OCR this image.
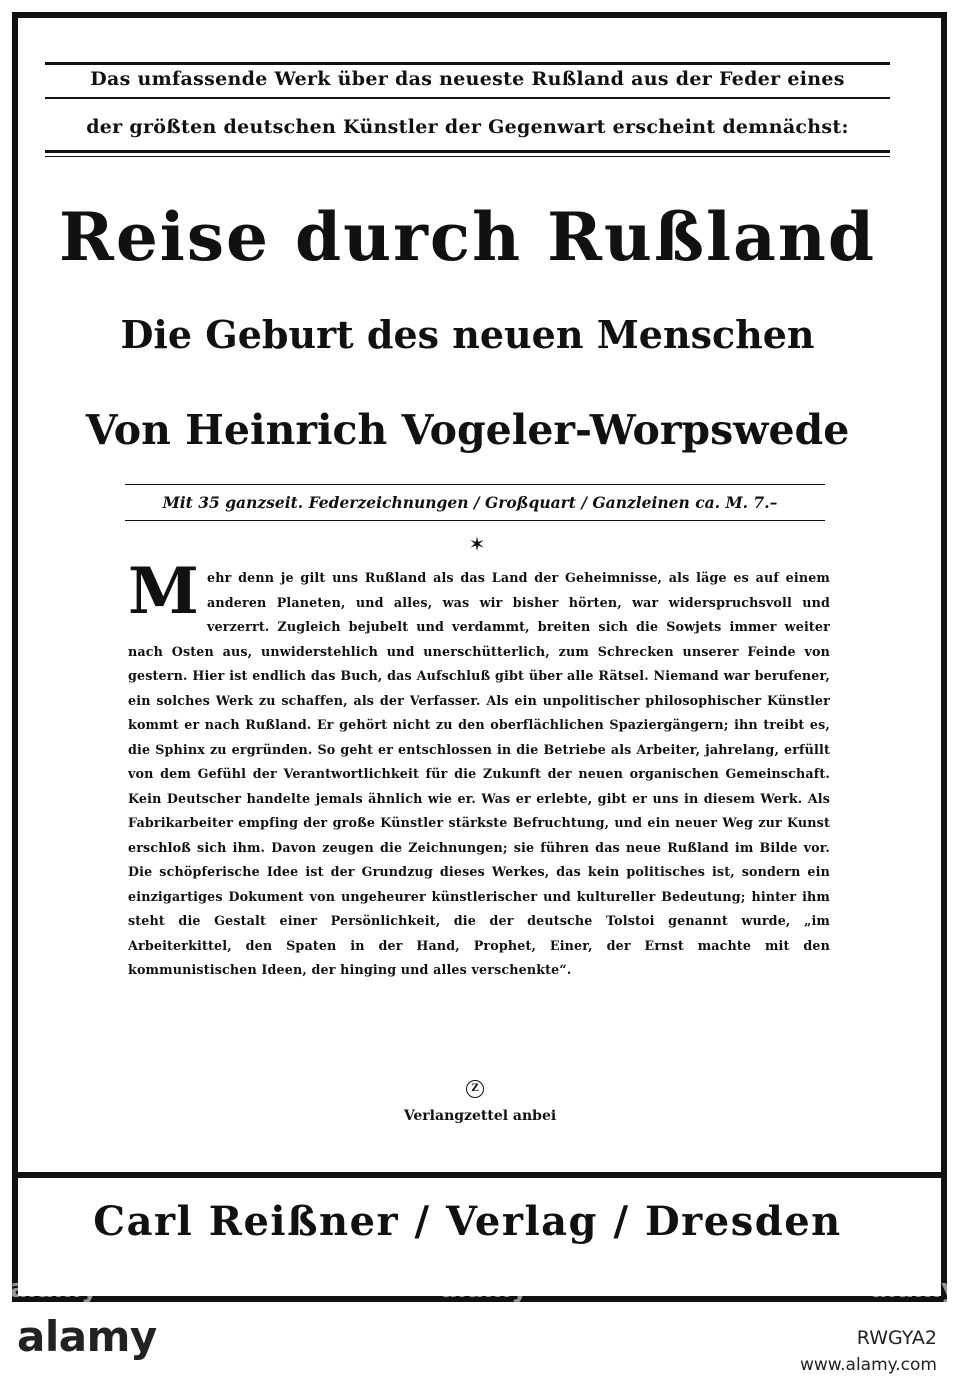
Das umfassende Werk über das neueste Rußland aus der Feder eines
der größten deutschen Künstler der Gegenwart erscheint demnächst:
Reise durch Rußland
Die Geburt des neuen Menschen
Von Heinrich Vogeler-Worpswede
Mit 35 ganzseit. Federzeichnungen / Großquart / Ganzleinen ca. M. 7.–
✶
Mehr denn je gilt uns Rußland als das Land der Geheimnisse, als läge es auf einem anderen Planeten, und alles, was wir bisher hörten, war widerspruchsvoll und verzerrt. Zugleich bejubelt und verdammt, breiten sich die Sowjets immer weiter nach Osten aus, unwiderstehlich und unerschütterlich, zum Schrecken unserer Feinde von gestern. Hier ist endlich das Buch, das Aufschluß gibt über alle Rätsel. Niemand war berufener, ein solches Werk zu schaffen, als der Verfasser. Als ein unpolitischer philosophischer Künstler kommt er nach Rußland. Er gehört nicht zu den oberflächlichen Spaziergängern; ihn treibt es, die Sphinx zu ergründen. So geht er entschlossen in die Betriebe als Arbeiter, jahrelang, erfüllt von dem Gefühl der Verantwortlichkeit für die Zukunft der neuen organischen Gemeinschaft. Kein Deutscher handelte jemals ähnlich wie er. Was er erlebte, gibt er uns in diesem Werk. Als Fabrikarbeiter empfing der große Künstler stärkste Befruchtung, und ein neuer Weg zur Kunst erschloß sich ihm. Davon zeugen die Zeichnungen; sie führen das neue Rußland im Bilde vor. Die schöpferische Idee ist der Grundzug dieses Werkes, das kein politisches ist, sondern ein einzigartiges Dokument von ungeheurer künstlerischer und kultureller Bedeutung; hinter ihm steht die Gestalt einer Persönlichkeit, die der deutsche Tolstoi genannt wurde, „im Arbeiterkittel, den Spaten in der Hand, Prophet, Einer, der Ernst machte mit den kommunistischen Ideen, der hinging und alles verschenkte“.
Z
Verlangzettel anbei
Carl Reißner / Verlag / Dresden
alamy	alamy	alamy
alamy	RWGYA2
www.alamy.com
